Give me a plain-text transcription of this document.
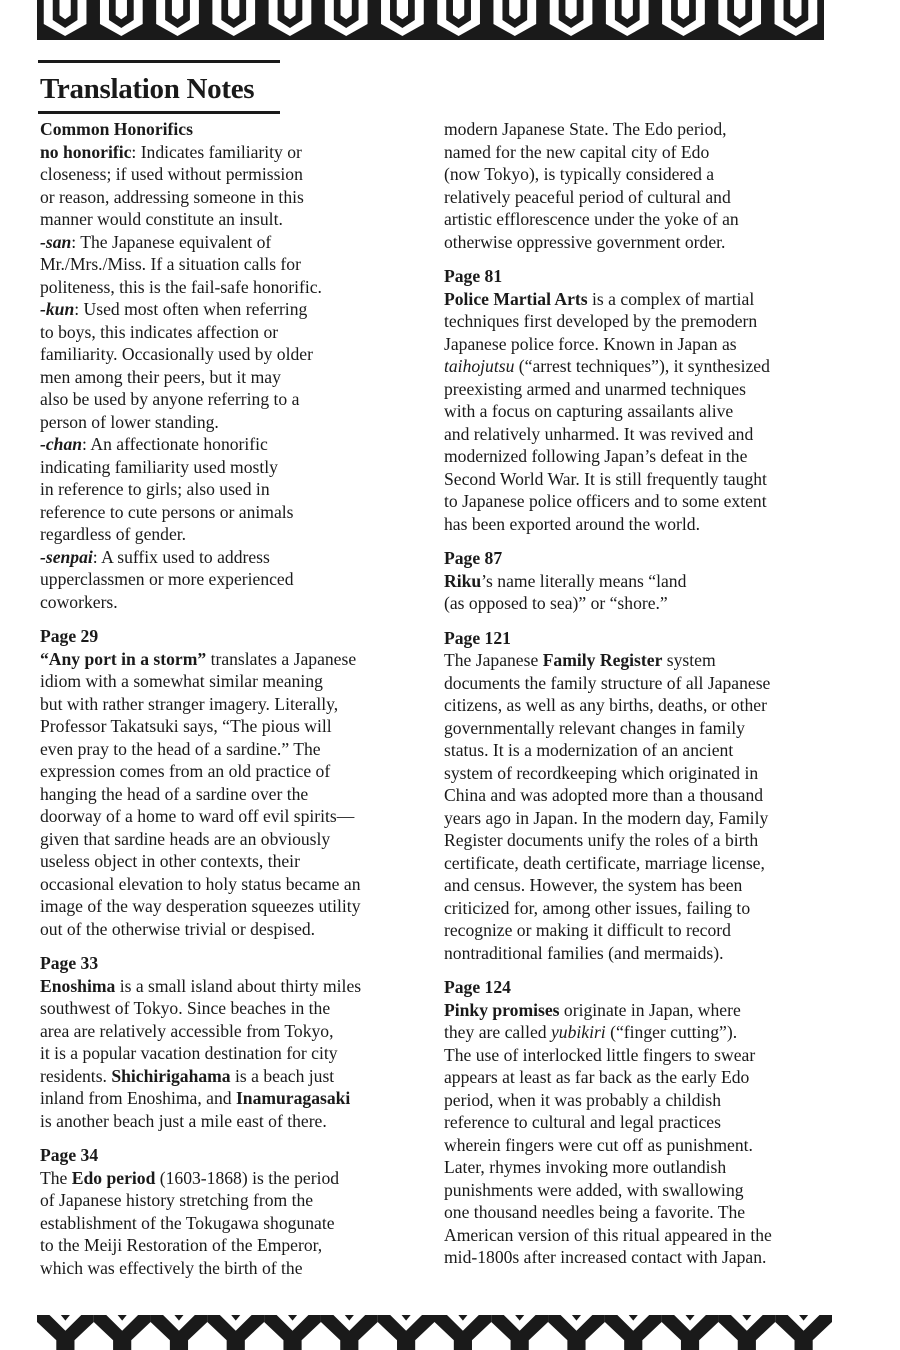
Translation Notes
Common Honorifics
no honorific: Indicates familiarity or
closeness; if used without permission
or reason, addressing someone in this
manner would constitute an insult.
-san: The Japanese equivalent of
Mr./Mrs./Miss. If a situation calls for
politeness, this is the fail-safe honorific.
-kun: Used most often when referring
to boys, this indicates affection or
familiarity. Occasionally used by older
men among their peers, but it may
also be used by anyone referring to a
person of lower standing.
-chan: An affectionate honorific
indicating familiarity used mostly
in reference to girls; also used in
reference to cute persons or animals
regardless of gender.
-senpai: A suffix used to address
upperclassmen or more experienced
coworkers.
Page 29
“Any port in a storm” translates a Japanese
idiom with a somewhat similar meaning
but with rather stranger imagery. Literally,
Professor Takatsuki says, “The pious will
even pray to the head of a sardine.” The
expression comes from an old practice of
hanging the head of a sardine over the
doorway of a home to ward off evil spirits—
given that sardine heads are an obviously
useless object in other contexts, their
occasional elevation to holy status became an
image of the way desperation squeezes utility
out of the otherwise trivial or despised.
Page 33
Enoshima is a small island about thirty miles
southwest of Tokyo. Since beaches in the
area are relatively accessible from Tokyo,
it is a popular vacation destination for city
residents. Shichirigahama is a beach just
inland from Enoshima, and Inamuragasaki
is another beach just a mile east of there.
Page 34
The Edo period (1603-1868) is the period
of Japanese history stretching from the
establishment of the Tokugawa shogunate
to the Meiji Restoration of the Emperor,
which was effectively the birth of the
modern Japanese State. The Edo period,
named for the new capital city of Edo
(now Tokyo), is typically considered a
relatively peaceful period of cultural and
artistic efflorescence under the yoke of an
otherwise oppressive government order.
Page 81
Police Martial Arts is a complex of martial
techniques first developed by the premodern
Japanese police force. Known in Japan as
taihojutsu (“arrest techniques”), it synthesized
preexisting armed and unarmed techniques
with a focus on capturing assailants alive
and relatively unharmed. It was revived and
modernized following Japan’s defeat in the
Second World War. It is still frequently taught
to Japanese police officers and to some extent
has been exported around the world.
Page 87
Riku’s name literally means “land
(as opposed to sea)” or “shore.”
Page 121
The Japanese Family Register system
documents the family structure of all Japanese
citizens, as well as any births, deaths, or other
governmentally relevant changes in family
status. It is a modernization of an ancient
system of recordkeeping which originated in
China and was adopted more than a thousand
years ago in Japan. In the modern day, Family
Register documents unify the roles of a birth
certificate, death certificate, marriage license,
and census. However, the system has been
criticized for, among other issues, failing to
recognize or making it difficult to record
nontraditional families (and mermaids).
Page 124
Pinky promises originate in Japan, where
they are called yubikiri (“finger cutting”).
The use of interlocked little fingers to swear
appears at least as far back as the early Edo
period, when it was probably a childish
reference to cultural and legal practices
wherein fingers were cut off as punishment.
Later, rhymes invoking more outlandish
punishments were added, with swallowing
one thousand needles being a favorite. The
American version of this ritual appeared in the
mid-1800s after increased contact with Japan.
